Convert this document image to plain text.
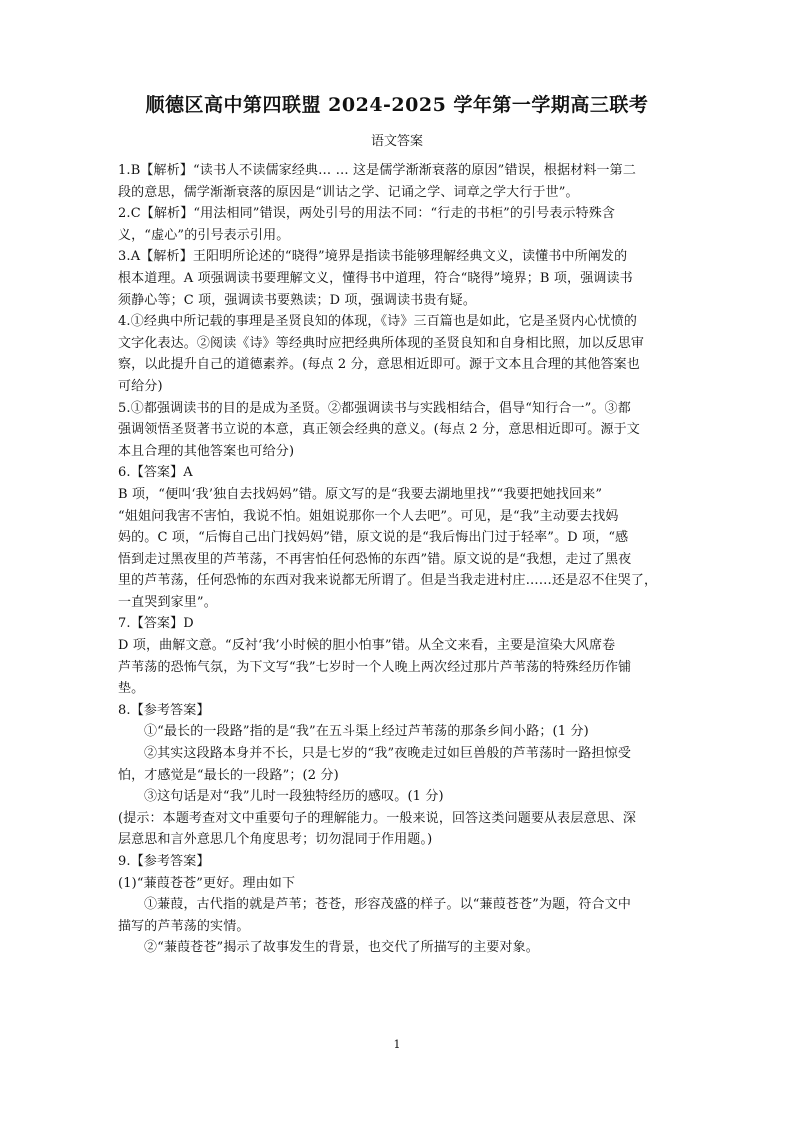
顺德区高中第四联盟 2024-2025 学年第一学期高三联考
语文答案
1.B【解析】“读书人不读儒家经典… … 这是儒学渐渐衰落的原因”错误，根据材料一第二
段的意思，儒学渐渐衰落的原因是“训诂之学、记诵之学、词章之学大行于世”。
2.C【解析】“用法相同”错误，两处引号的用法不同：“行走的书柜”的引号表示特殊含
义，“虚心”的引号表示引用。
3.A【解析】王阳明所论述的“晓得”境界是指读书能够理解经典文义，读懂书中所阐发的
根本道理。A 项强调读书要理解文义，懂得书中道理，符合“晓得”境界；B 项，强调读书
须静心等；C 项，强调读书要熟读；D 项，强调读书贵有疑。
4.①经典中所记载的事理是圣贤良知的体现，《诗》三百篇也是如此，它是圣贤内心忧愤的
文字化表达。②阅读《诗》等经典时应把经典所体现的圣贤良知和自身相比照，加以反思审
察，以此提升自己的道德素养。(每点 2 分，意思相近即可。源于文本且合理的其他答案也
可给分)
5.①都强调读书的目的是成为圣贤。②都强调读书与实践相结合，倡导“知行合一”。③都
强调领悟圣贤著书立说的本意，真正领会经典的意义。(每点 2 分，意思相近即可。源于文
本且合理的其他答案也可给分)
6.【答案】A
B 项，“便叫‘我’独自去找妈妈”错。原文写的是“我要去湖地里找”“我要把她找回来”
“姐姐问我害不害怕，我说不怕。姐姐说那你一个人去吧”。可见，是“我”主动要去找妈
妈的。C 项，“后悔自己出门找妈妈”错，原文说的是“我后悔出门过于轻率”。D 项，“感
悟到走过黑夜里的芦苇荡，不再害怕任何恐怖的东西”错。原文说的是“我想，走过了黑夜
里的芦苇荡，任何恐怖的东西对我来说都无所谓了。但是当我走进村庄……还是忍不住哭了，
一直哭到家里”。
7.【答案】D
D 项，曲解文意。“反衬‘我’小时候的胆小怕事”错。从全文来看，主要是渲染大风席卷
芦苇荡的恐怖气氛，为下文写“我”七岁时一个人晚上两次经过那片芦苇荡的特殊经历作铺
垫。
8.【参考答案】
①“最长的一段路”指的是“我”在五斗渠上经过芦苇荡的那条乡间小路；(1 分)
②其实这段路本身并不长，只是七岁的“我”夜晚走过如巨兽般的芦苇荡时一路担惊受
怕，才感觉是“最长的一段路”；(2 分)
③这句话是对“我”儿时一段独特经历的感叹。(1 分)
(提示：本题考查对文中重要句子的理解能力。一般来说，回答这类问题要从表层意思、深
层意思和言外意思几个角度思考；切勿混同于作用题。)
9.【参考答案】
(1)“蒹葭苍苍”更好。理由如下
①蒹葭，古代指的就是芦苇；苍苍，形容茂盛的样子。以“蒹葭苍苍”为题，符合文中
描写的芦苇荡的实情。
②“蒹葭苍苍”揭示了故事发生的背景，也交代了所描写的主要对象。
1
